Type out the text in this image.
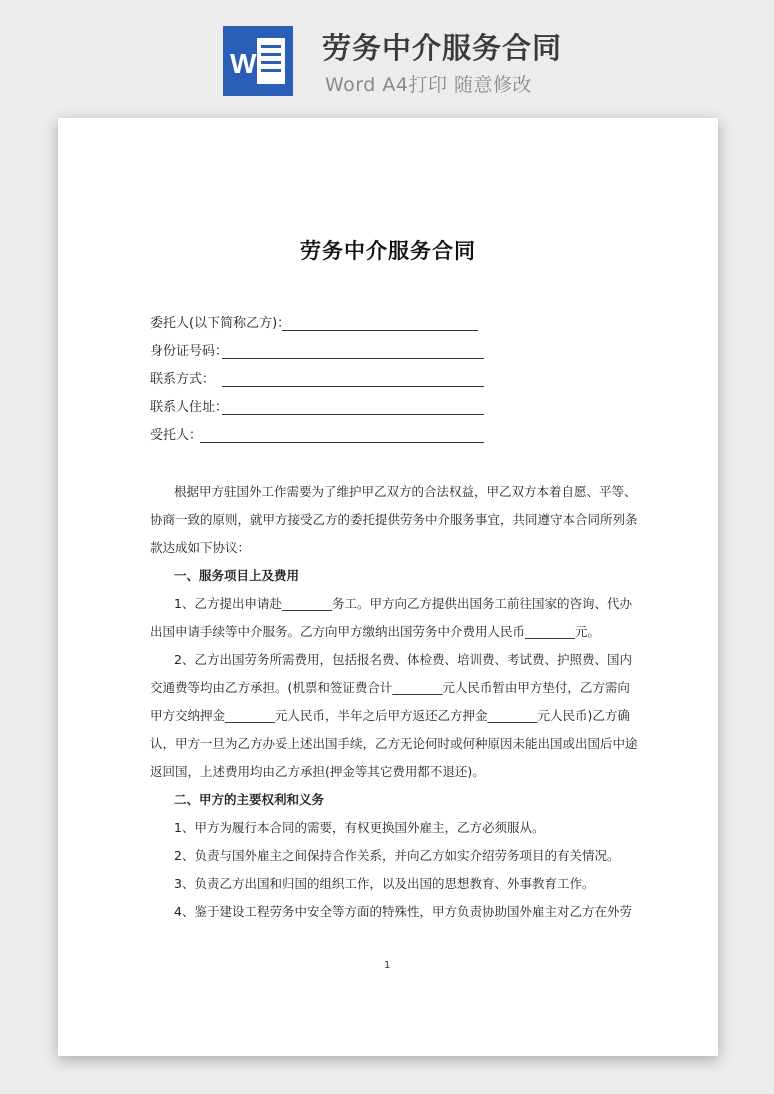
W 劳务中介服务合同
Word A4打印 随意修改
劳务中介服务合同
委托人(以下简称乙方)：
身份证号码：
联系方式：
联系人住址：
受托人：
根据甲方驻国外工作需要为了维护甲乙双方的合法权益，甲乙双方本着自愿、平等、
协商一致的原则，就甲方接受乙方的委托提供劳务中介服务事宜，共同遵守本合同所列条
款达成如下协议：
一、服务项目上及费用
1、乙方提出申请赴________务工。甲方向乙方提供出国务工前往国家的咨询、代办
出国申请手续等中介服务。乙方向甲方缴纳出国劳务中介费用人民币________元。
2、乙方出国劳务所需费用，包括报名费、体检费、培训费、考试费、护照费、国内
交通费等均由乙方承担。(机票和签证费合计________元人民币暂由甲方垫付，乙方需向
甲方交纳押金________元人民币，半年之后甲方返还乙方押金________元人民币)乙方确
认，甲方一旦为乙方办妥上述出国手续，乙方无论何时或何种原因未能出国或出国后中途
返回国，上述费用均由乙方承担(押金等其它费用都不退还)。
二、甲方的主要权利和义务
1、甲方为履行本合同的需要，有权更换国外雇主，乙方必须服从。
2、负责与国外雇主之间保持合作关系，并向乙方如实介绍劳务项目的有关情况。
3、负责乙方出国和归国的组织工作，以及出国的思想教育、外事教育工作。
4、鉴于建设工程劳务中安全等方面的特殊性，甲方负责协助国外雇主对乙方在外劳
1
